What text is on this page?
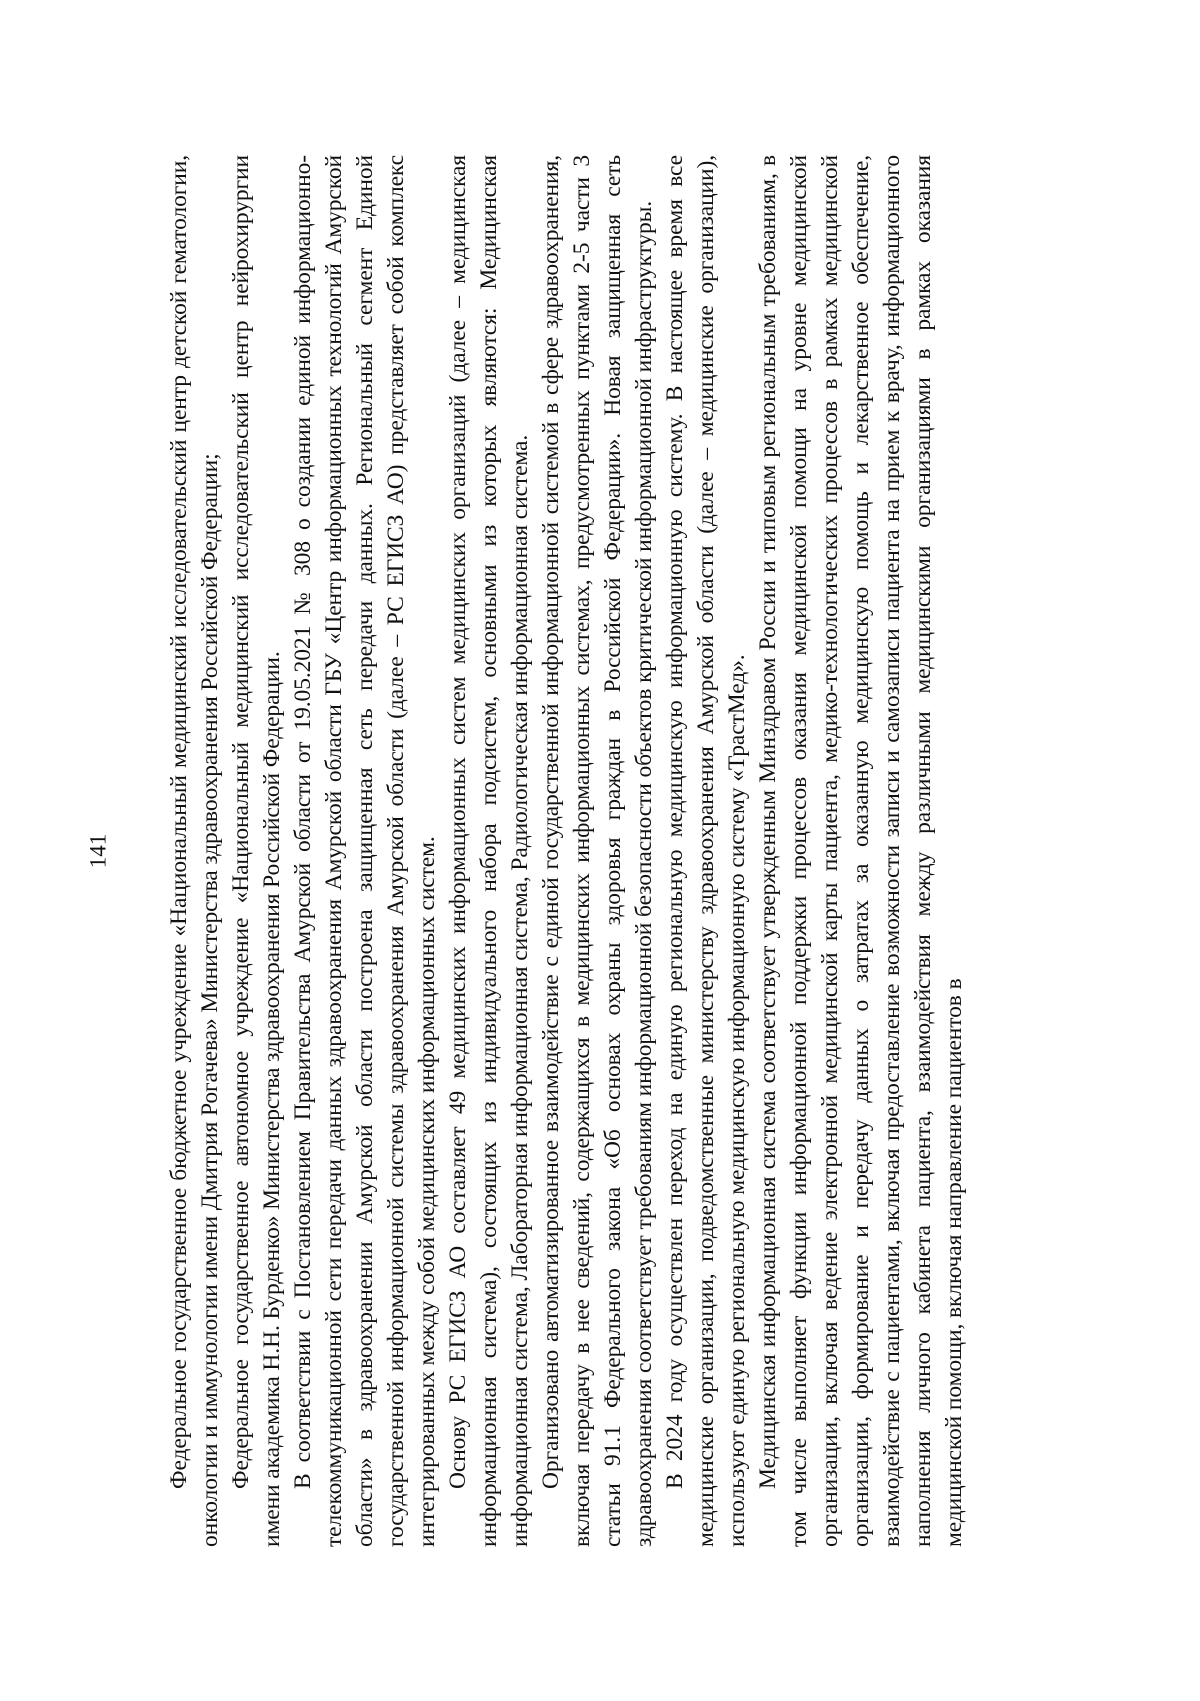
141 Федеральное государственное бюджетное учреждение «Национальный медицинский исследовательский центр детской гематологии, онкологии и иммунологии имени Дмитрия Рогачева» Министерства здравоохранения Российской Федерации; Федеральное государственное автономное учреждение «Национальный медицинский исследовательский центр нейрохирургии имени академика Н.Н. Бурденко» Министерства здравоохранения Российской Федерации. В соответствии с Постановлением Правительства Амурской области от 19.05.2021 № 308 о создании единой информационно-телекоммуникационной сети передачи данных здравоохранения Амурской области ГБУ «Центр информационных технологий Амурской области» в здравоохранении Амурской области построена защищенная сеть передачи данных. Региональный сегмент Единой государственной информационной системы здравоохранения Амурской области (далее – РС ЕГИСЗ АО) представляет собой комплекс интегрированных между собой медицинских информационных систем. Основу РС ЕГИСЗ АО составляет 49 медицинских информационных систем медицинских организаций (далее – медицинская информационная система), состоящих из индивидуального набора подсистем, основными из которых являются: Медицинская информационная система, Лабораторная информационная система, Радиологическая информационная система. Организовано автоматизированное взаимодействие с единой государственной информационной системой в сфере здравоохранения, включая передачу в нее сведений, содержащихся в медицинских информационных системах, предусмотренных пунктами 2-5 части 3 статьи 91.1 Федерального закона «Об основах охраны здоровья граждан в Российской Федерации». Новая защищенная сеть здравоохранения соответствует требованиям информационной безопасности объектов критической информационной инфраструктуры. В 2024 году осуществлен переход на единую региональную медицинскую информационную систему. В настоящее время все медицинские организации, подведомственные министерству здравоохранения Амурской области (далее – медицинские организации), используют единую региональную медицинскую информационную систему «ТрастМед». Медицинская информационная система соответствует утвержденным Минздравом России и типовым региональным требованиям, в том числе выполняет функции информационной поддержки процессов оказания медицинской помощи на уровне медицинской организации, включая ведение электронной медицинской карты пациента, медико-технологических процессов в рамках медицинской организации, формирование и передачу данных о затратах за оказанную медицинскую помощь и лекарственное обеспечение, взаимодействие с пациентами, включая предоставление возможности записи и самозаписи пациента на прием к врачу, информационного наполнения личного кабинета пациента, взаимодействия между различными медицинскими организациями в рамках оказания медицинской помощи, включая направление пациентов в
